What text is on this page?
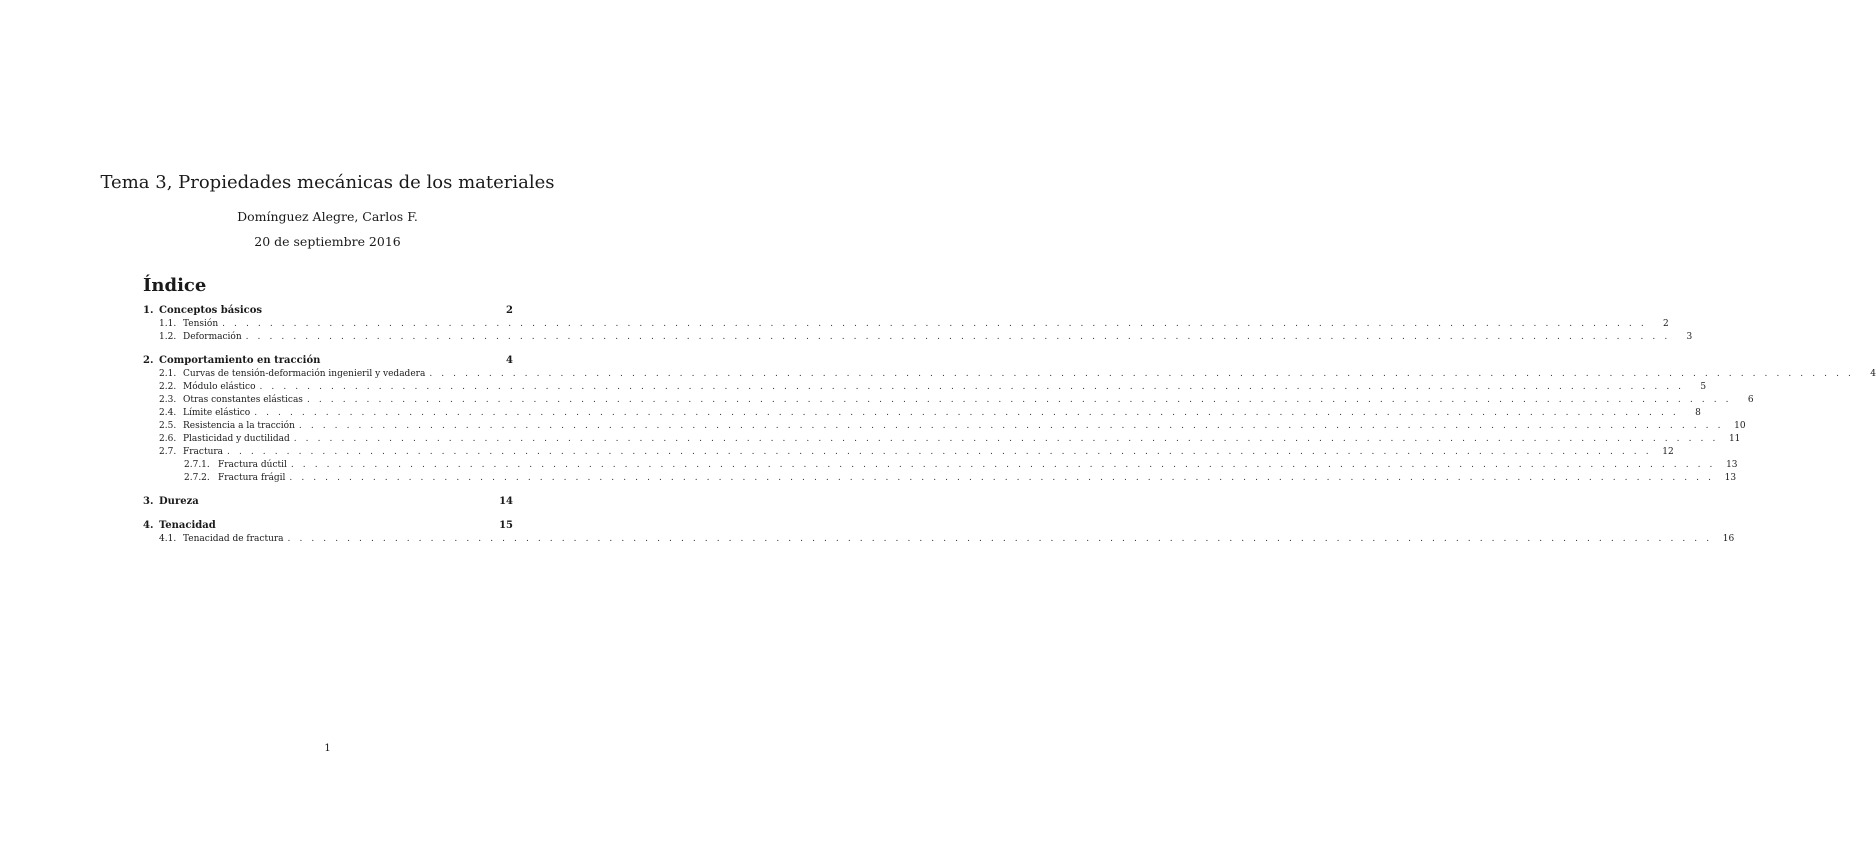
Tema 3, Propiedades mecánicas de los materiales
Domínguez Alegre, Carlos F.
20 de septiembre 2016
Índice
1. Conceptos básicos	2
1.1. Tensión . . . . . . . . . . . . . . . . . . . . . . . . . . . . . . . . . . . . . . . . . . . . . . . . . . . . . . . . . . . . . . . . . . . . . . . . . . . . . . . . . . . . . . . . . . . . . . . . . . . . . . . . . . . . . . . . . . . . . . . .	2
1.2. Deformación . . . . . . . . . . . . . . . . . . . . . . . . . . . . . . . . . . . . . . . . . . . . . . . . . . . . . . . . . . . . . . . . . . . . . . . . . . . . . . . . . . . . . . . . . . . . . . . . . . . . . . . . . . . . . . . . . . . . . . . .	3
2. Comportamiento en tracción	4
2.1. Curvas de tensión-deformación ingenieril y vedadera . . . . . . . . . . . . . . . . . . . . . . . . . . . . . . . . . . . . . . . . . . . . . . . . . . . . . . . . . . . . . . . . . . . . . . . . . . . . . . . . . . . . . . . . . . . . . . . . . . . . . . . . . . . . . . . . . . . . . . . .	4
2.2. Módulo elástico . . . . . . . . . . . . . . . . . . . . . . . . . . . . . . . . . . . . . . . . . . . . . . . . . . . . . . . . . . . . . . . . . . . . . . . . . . . . . . . . . . . . . . . . . . . . . . . . . . . . . . . . . . . . . . . . . . . . . . . .	5
2.3. Otras constantes elásticas . . . . . . . . . . . . . . . . . . . . . . . . . . . . . . . . . . . . . . . . . . . . . . . . . . . . . . . . . . . . . . . . . . . . . . . . . . . . . . . . . . . . . . . . . . . . . . . . . . . . . . . . . . . . . . . . . . . . . . . .	6
2.4. Límite elástico . . . . . . . . . . . . . . . . . . . . . . . . . . . . . . . . . . . . . . . . . . . . . . . . . . . . . . . . . . . . . . . . . . . . . . . . . . . . . . . . . . . . . . . . . . . . . . . . . . . . . . . . . . . . . . . . . . . . . . . .	8
2.5. Resistencia a la tracción . . . . . . . . . . . . . . . . . . . . . . . . . . . . . . . . . . . . . . . . . . . . . . . . . . . . . . . . . . . . . . . . . . . . . . . . . . . . . . . . . . . . . . . . . . . . . . . . . . . . . . . . . . . . . . . . . . . . . . . .	10
2.6. Plasticidad y ductilidad . . . . . . . . . . . . . . . . . . . . . . . . . . . . . . . . . . . . . . . . . . . . . . . . . . . . . . . . . . . . . . . . . . . . . . . . . . . . . . . . . . . . . . . . . . . . . . . . . . . . . . . . . . . . . . . . . . . . . . . .	11
2.7. Fractura . . . . . . . . . . . . . . . . . . . . . . . . . . . . . . . . . . . . . . . . . . . . . . . . . . . . . . . . . . . . . . . . . . . . . . . . . . . . . . . . . . . . . . . . . . . . . . . . . . . . . . . . . . . . . . . . . . . . . . . .	12
2.7.1. Fractura dúctil . . . . . . . . . . . . . . . . . . . . . . . . . . . . . . . . . . . . . . . . . . . . . . . . . . . . . . . . . . . . . . . . . . . . . . . . . . . . . . . . . . . . . . . . . . . . . . . . . . . . . . . . . . . . . . . . . . . . . . . .	13
2.7.2. Fractura frágil . . . . . . . . . . . . . . . . . . . . . . . . . . . . . . . . . . . . . . . . . . . . . . . . . . . . . . . . . . . . . . . . . . . . . . . . . . . . . . . . . . . . . . . . . . . . . . . . . . . . . . . . . . . . . . . . . . . . . . . .	13
3. Dureza	14
4. Tenacidad	15
4.1. Tenacidad de fractura . . . . . . . . . . . . . . . . . . . . . . . . . . . . . . . . . . . . . . . . . . . . . . . . . . . . . . . . . . . . . . . . . . . . . . . . . . . . . . . . . . . . . . . . . . . . . . . . . . . . . . . . . . . . . . . . . . . . . . . .	16
1
